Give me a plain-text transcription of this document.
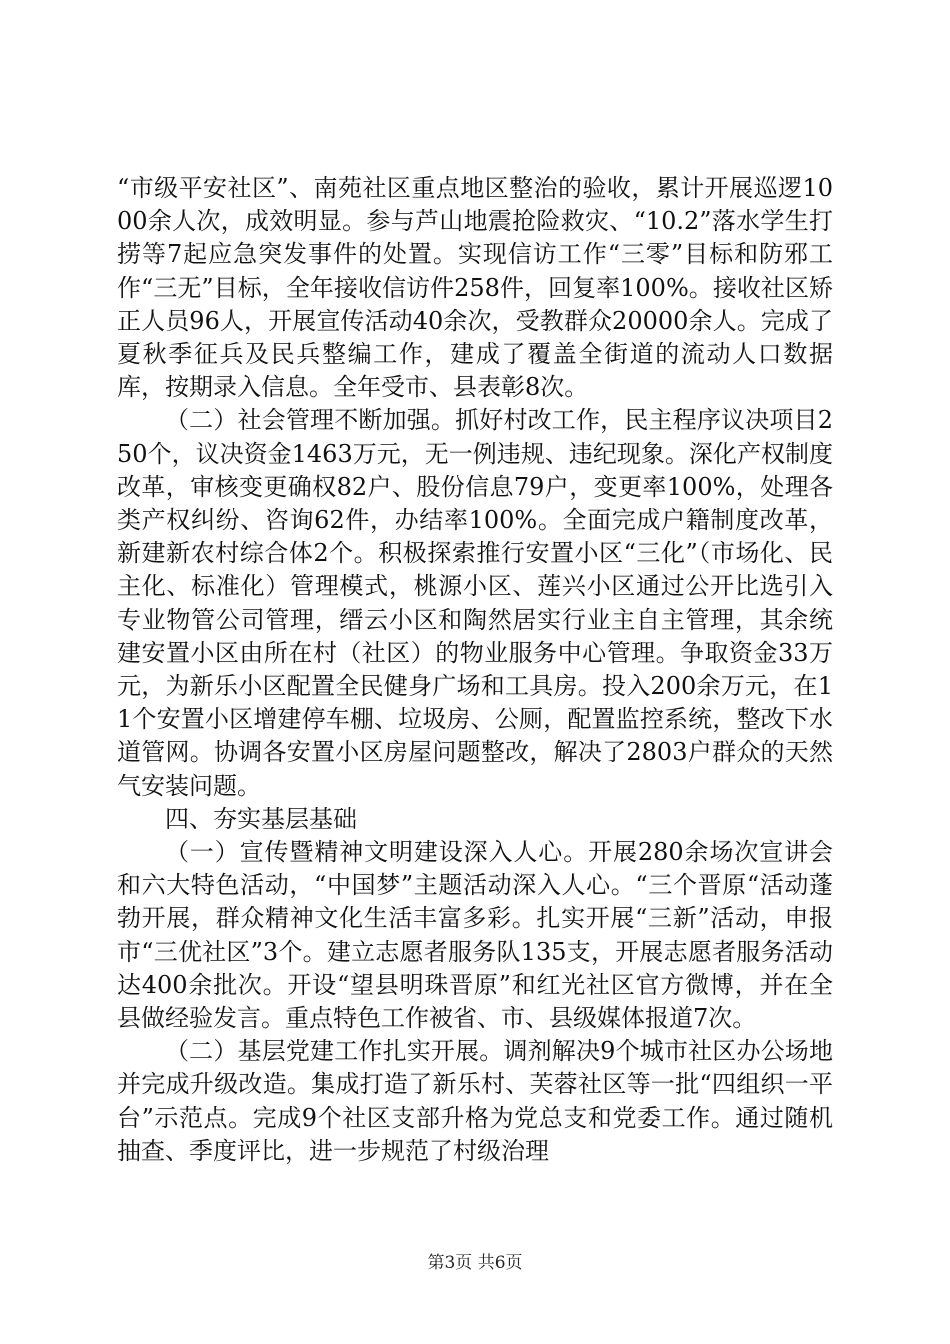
“市级平安社区”、南苑社区重点地区整治的验收，累计开展巡逻1000余人次，成效明显。参与芦山地震抢险救灾、“10.2”落水学生打捞等7起应急突发事件的处置。实现信访工作“三零”目标和防邪工作“三无”目标，全年接收信访件258件，回复率100%。接收社区矫正人员96人，开展宣传活动40余次，受教群众20000余人。完成了夏秋季征兵及民兵整编工作，建成了覆盖全街道的流动人口数据库，按期录入信息。全年受市、县表彰8次。

（二）社会管理不断加强。抓好村改工作，民主程序议决项目250个，议决资金1463万元，无一例违规、违纪现象。深化产权制度改革，审核变更确权82户、股份信息79户，变更率100%，处理各类产权纠纷、咨询62件，办结率100%。全面完成户籍制度改革，新建新农村综合体2个。积极探索推行安置小区“三化”（市场化、民主化、标准化）管理模式，桃源小区、莲兴小区通过公开比选引入专业物管公司管理，缙云小区和陶然居实行业主自主管理，其余统建安置小区由所在村（社区）的物业服务中心管理。争取资金33万元，为新乐小区配置全民健身广场和工具房。投入200余万元，在11个安置小区增建停车棚、垃圾房、公厕，配置监控系统，整改下水道管网。协调各安置小区房屋问题整改，解决了2803户群众的天然气安装问题。

四、夯实基层基础

（一）宣传暨精神文明建设深入人心。开展280余场次宣讲会和六大特色活动，“中国梦”主题活动深入人心。“三个晋原“活动蓬勃开展，群众精神文化生活丰富多彩。扎实开展“三新”活动，申报市“三优社区”3个。建立志愿者服务队135支，开展志愿者服务活动达400余批次。开设“望县明珠晋原”和红光社区官方微博，并在全县做经验发言。重点特色工作被省、市、县级媒体报道7次。

（二）基层党建工作扎实开展。调剂解决9个城市社区办公场地并完成升级改造。集成打造了新乐村、芙蓉社区等一批“四组织一平台”示范点。完成9个社区支部升格为党总支和党委工作。通过随机抽查、季度评比，进一步规范了村级治理

第3页 共6页
